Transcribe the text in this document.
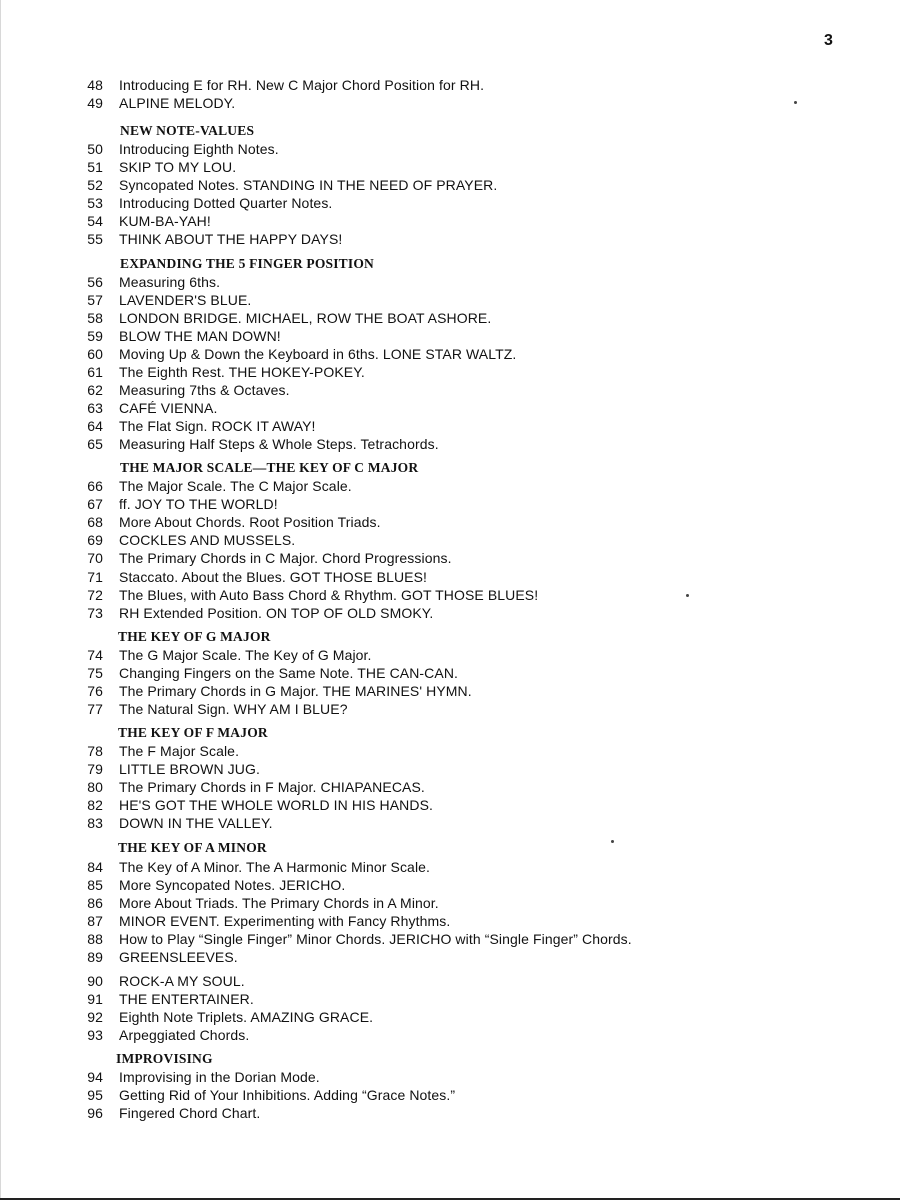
3
48 Introducing E for RH. New C Major Chord Position for RH.
49 ALPINE MELODY.
NEW NOTE-VALUES
50 Introducing Eighth Notes.
51 SKIP TO MY LOU.
52 Syncopated Notes. STANDING IN THE NEED OF PRAYER.
53 Introducing Dotted Quarter Notes.
54 KUM-BA-YAH!
55 THINK ABOUT THE HAPPY DAYS!
EXPANDING THE 5 FINGER POSITION
56 Measuring 6ths.
57 LAVENDER'S BLUE.
58 LONDON BRIDGE. MICHAEL, ROW THE BOAT ASHORE.
59 BLOW THE MAN DOWN!
60 Moving Up & Down the Keyboard in 6ths. LONE STAR WALTZ.
61 The Eighth Rest. THE HOKEY-POKEY.
62 Measuring 7ths & Octaves.
63 CAFÉ VIENNA.
64 The Flat Sign. ROCK IT AWAY!
65 Measuring Half Steps & Whole Steps. Tetrachords.
THE MAJOR SCALE—THE KEY OF C MAJOR
66 The Major Scale. The C Major Scale.
67 ff. JOY TO THE WORLD!
68 More About Chords. Root Position Triads.
69 COCKLES AND MUSSELS.
70 The Primary Chords in C Major. Chord Progressions.
71 Staccato. About the Blues. GOT THOSE BLUES!
72 The Blues, with Auto Bass Chord & Rhythm. GOT THOSE BLUES!
73 RH Extended Position. ON TOP OF OLD SMOKY.
THE KEY OF G MAJOR
74 The G Major Scale. The Key of G Major.
75 Changing Fingers on the Same Note. THE CAN-CAN.
76 The Primary Chords in G Major. THE MARINES' HYMN.
77 The Natural Sign. WHY AM I BLUE?
THE KEY OF F MAJOR
78 The F Major Scale.
79 LITTLE BROWN JUG.
80 The Primary Chords in F Major. CHIAPANECAS.
82 HE'S GOT THE WHOLE WORLD IN HIS HANDS.
83 DOWN IN THE VALLEY.
THE KEY OF A MINOR
84 The Key of A Minor. The A Harmonic Minor Scale.
85 More Syncopated Notes. JERICHO.
86 More About Triads. The Primary Chords in A Minor.
87 MINOR EVENT. Experimenting with Fancy Rhythms.
88 How to Play “Single Finger” Minor Chords. JERICHO with “Single Finger” Chords.
89 GREENSLEEVES.
90 ROCK-A MY SOUL.
91 THE ENTERTAINER.
92 Eighth Note Triplets. AMAZING GRACE.
93 Arpeggiated Chords.
IMPROVISING
94 Improvising in the Dorian Mode.
95 Getting Rid of Your Inhibitions. Adding “Grace Notes.”
96 Fingered Chord Chart.
